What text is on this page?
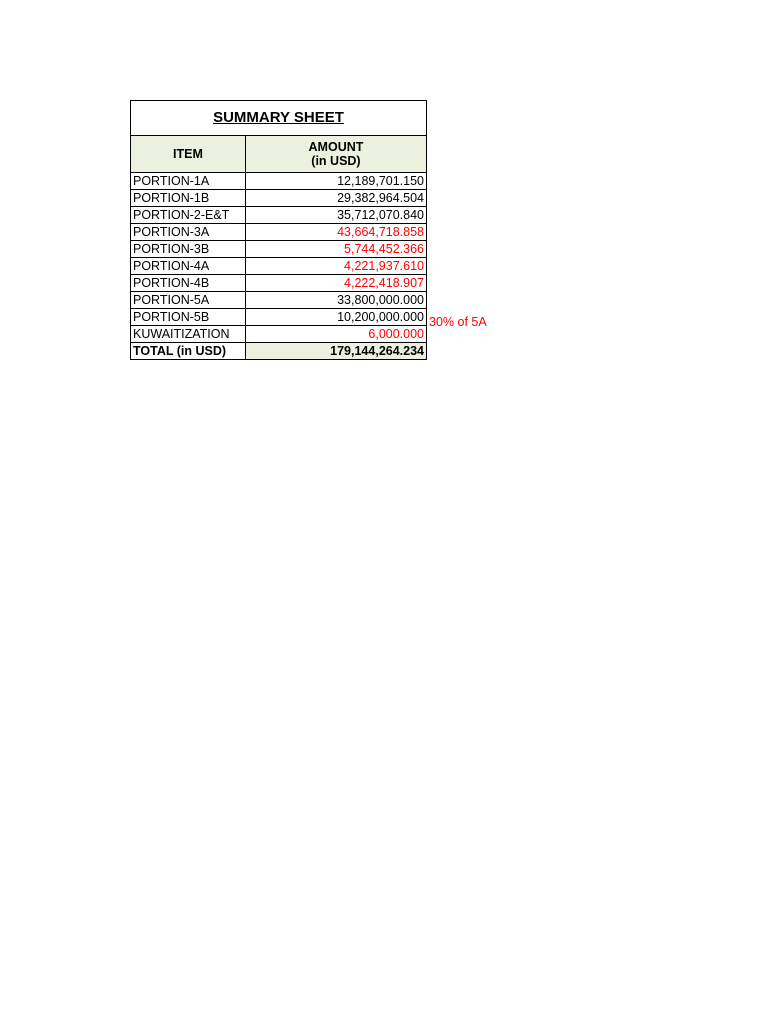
SUMMARY SHEET	
ITEM	AMOUNT
(in USD)

PORTION-1A	12,189,701.150
PORTION-1B	29,382,964.504
PORTION-2-E&T	35,712,070.840
PORTION-3A	43,664,718.858
PORTION-3B	5,744,452.366
PORTION-4A	4,221,937.610
PORTION-4B	4,222,418.907
PORTION-5A	33,800,000.000
PORTION-5B	10,200,000.000
KUWAITIZATION	6,000.000
TOTAL (in USD)	179,144,264.234
30% of 5A
